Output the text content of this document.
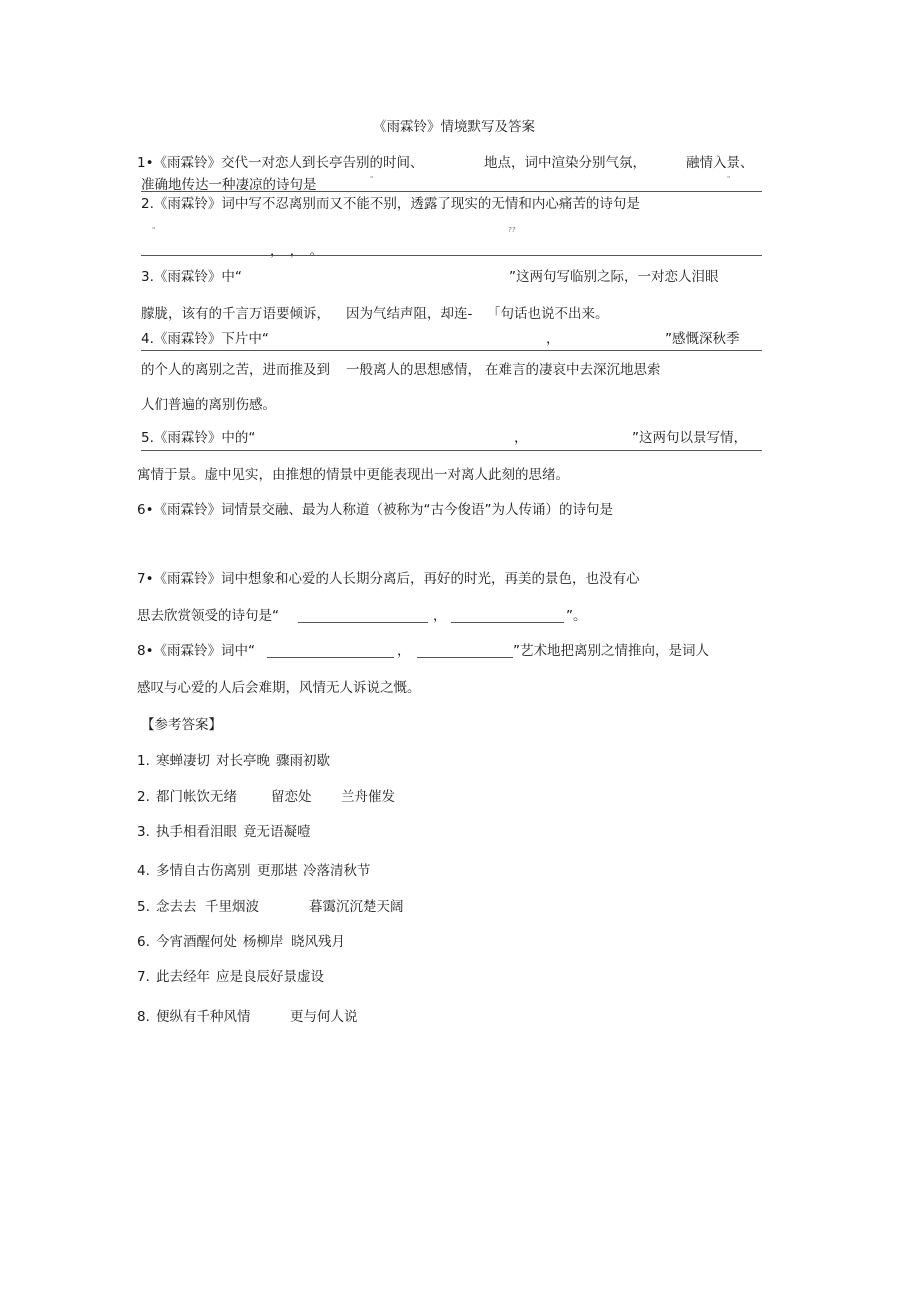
《雨霖铃》情境默写及答案
1•《雨霖铃》交代一对恋人到长亭告别的时间、	地点，词中渲染分别气氛，	融情入景、
准确地传达一种凄凉的诗句是	"	"
2.《雨霖铃》词中写不忍离别而又不能不别，透露了现实的无情和内心痛苦的诗句是
"	??
， ， 。
3.《雨霖铃》中“	”这两句写临别之际，一对恋人泪眼
朦胧，该有的千言万语要倾诉， 因为气结声阻，却连- 「句话也说不出来。
4.《雨霖铃》下片中“	，	”感慨深秋季
的个人的离别之苦，进而推及到 一般离人的思想感情， 在难言的凄哀中去深沉地思索
人们普遍的离别伤感。
5.《雨霖铃》中的“	，	”这两句以景写情，
寓情于景。虚中见实，由推想的情景中更能表现出一对离人此刻的思绪。
6•《雨霖铃》词情景交融、最为人称道（被称为“古今俊语”为人传诵）的诗句是
7•《雨霖铃》词中想象和心爱的人长期分离后，再好的时光，再美的景色，也没有心
思去欣赏领受的诗句是“	，	”。
8•《雨霖铃》词中“	，	”艺术地把离别之情推向，是词人
感叹与心爱的人后会难期，风情无人诉说之慨。
【参考答案】
1. 寒蝉凄切 对长亭晚 骤雨初歇
2. 都门帐饮无绪	留恋处 兰舟催发
3. 执手相看泪眼 竟无语凝噎
4. 多情自古伤离别 更那堪 冷落清秋节
5. 念去去 千里烟波	暮霭沉沉楚天阔
6. 今宵酒醒何处 杨柳岸 晓风残月
7. 此去经年 应是良辰好景虚设
8. 便纵有千种风情	更与何人说
